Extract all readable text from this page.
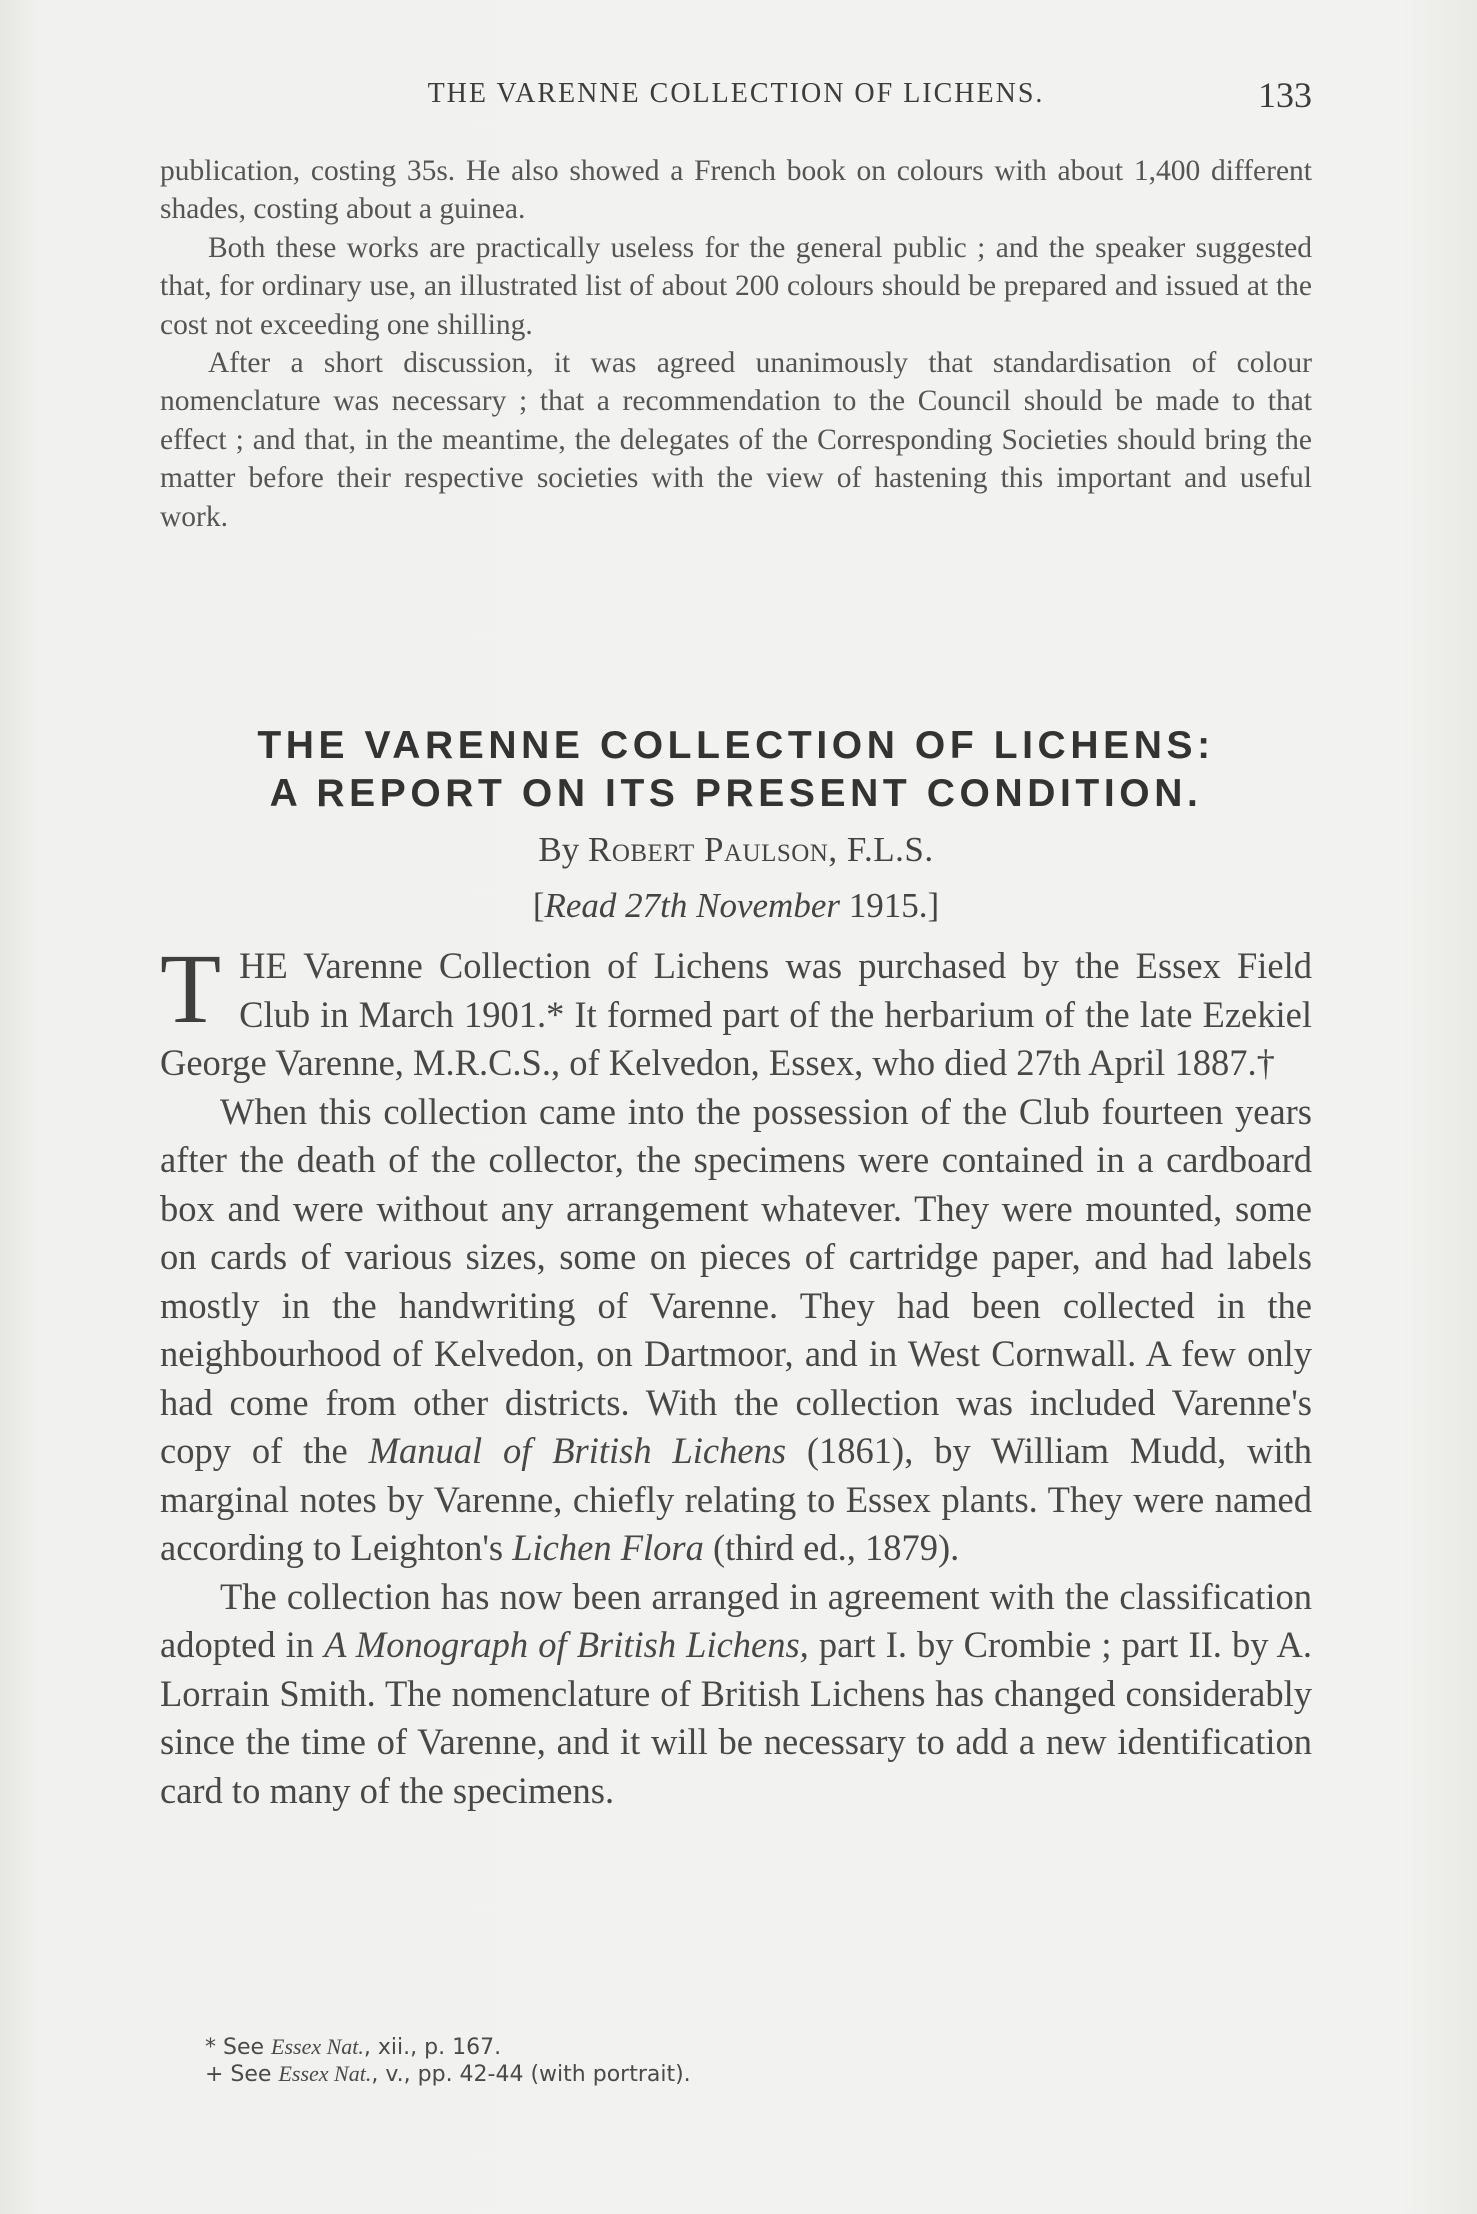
THE VARENNE COLLECTION OF LICHENS.	133

publication, costing 35s. He also showed a French book on colours with about 1,400 different shades, costing about a guinea.

Both these works are practically useless for the general public ; and the speaker suggested that, for ordinary use, an illustrated list of about 200 colours should be prepared and issued at the cost not exceeding one shilling.

After a short discussion, it was agreed unanimously that standardisation of colour nomenclature was necessary ; that a recommendation to the Council should be made to that effect ; and that, in the meantime, the delegates of the Corresponding Societies should bring the matter before their respective societies with the view of hastening this important and useful work.

THE VARENNE COLLECTION OF LICHENS:
A REPORT ON ITS PRESENT CONDITION.
By Robert Paulson, F.L.S.
[Read 27th November 1915.]

THE Varenne Collection of Lichens was purchased by the Essex Field Club in March 1901.* It formed part of the herbarium of the late Ezekiel George Varenne, M.R.C.S., of Kelvedon, Essex, who died 27th April 1887.†

When this collection came into the possession of the Club fourteen years after the death of the collector, the specimens were contained in a cardboard box and were without any arrangement whatever. They were mounted, some on cards of various sizes, some on pieces of cartridge paper, and had labels mostly in the handwriting of Varenne. They had been collected in the neighbourhood of Kelvedon, on Dartmoor, and in West Cornwall. A few only had come from other districts. With the collection was included Varenne's copy of the Manual of British Lichens (1861), by William Mudd, with marginal notes by Varenne, chiefly relating to Essex plants. They were named according to Leighton's Lichen Flora (third ed., 1879).

The collection has now been arranged in agreement with the classification adopted in A Monograph of British Lichens, part I. by Crombie ; part II. by A. Lorrain Smith. The nomenclature of British Lichens has changed considerably since the time of Varenne, and it will be necessary to add a new identification card to many of the specimens.

* See Essex Nat., xii., p. 167.
+ See Essex Nat., v., pp. 42-44 (with portrait).
